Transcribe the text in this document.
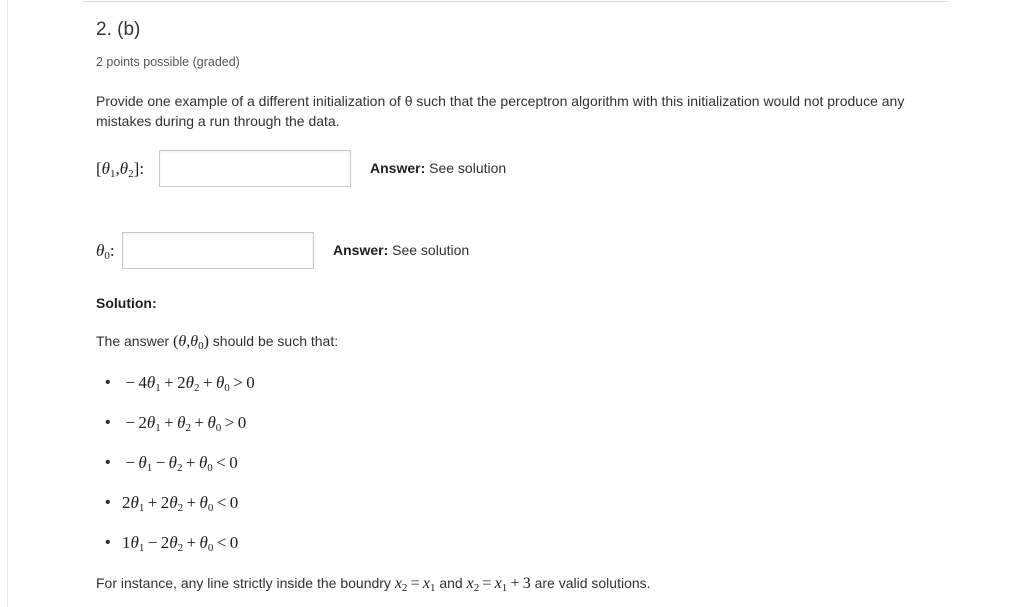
2. (b)
2 points possible (graded)
Provide one example of a different initialization of θ such that the perceptron algorithm with this initialization would not produce any mistakes during a run through the data.
$[\theta_1,\theta_2]$:	Answer: See solution
$\theta_0$:	Answer: See solution
Solution:
The answer $(\theta,\theta_0)$ should be such that:
•  − $4\theta_1 + 2\theta_2 + \theta_0 > 0$
•  − $2\theta_1 + \theta_2 + \theta_0 > 0$
•  − $\theta_1 - \theta_2 + \theta_0 < 0$
• $2\theta_1 + 2\theta_2 + \theta_0 < 0$
• $1\theta_1 - 2\theta_2 + \theta_0 < 0$
For instance, any line strictly inside the boundry $x_2 = x_1$ and $x_2 = x_1 + 3$ are valid solutions.
